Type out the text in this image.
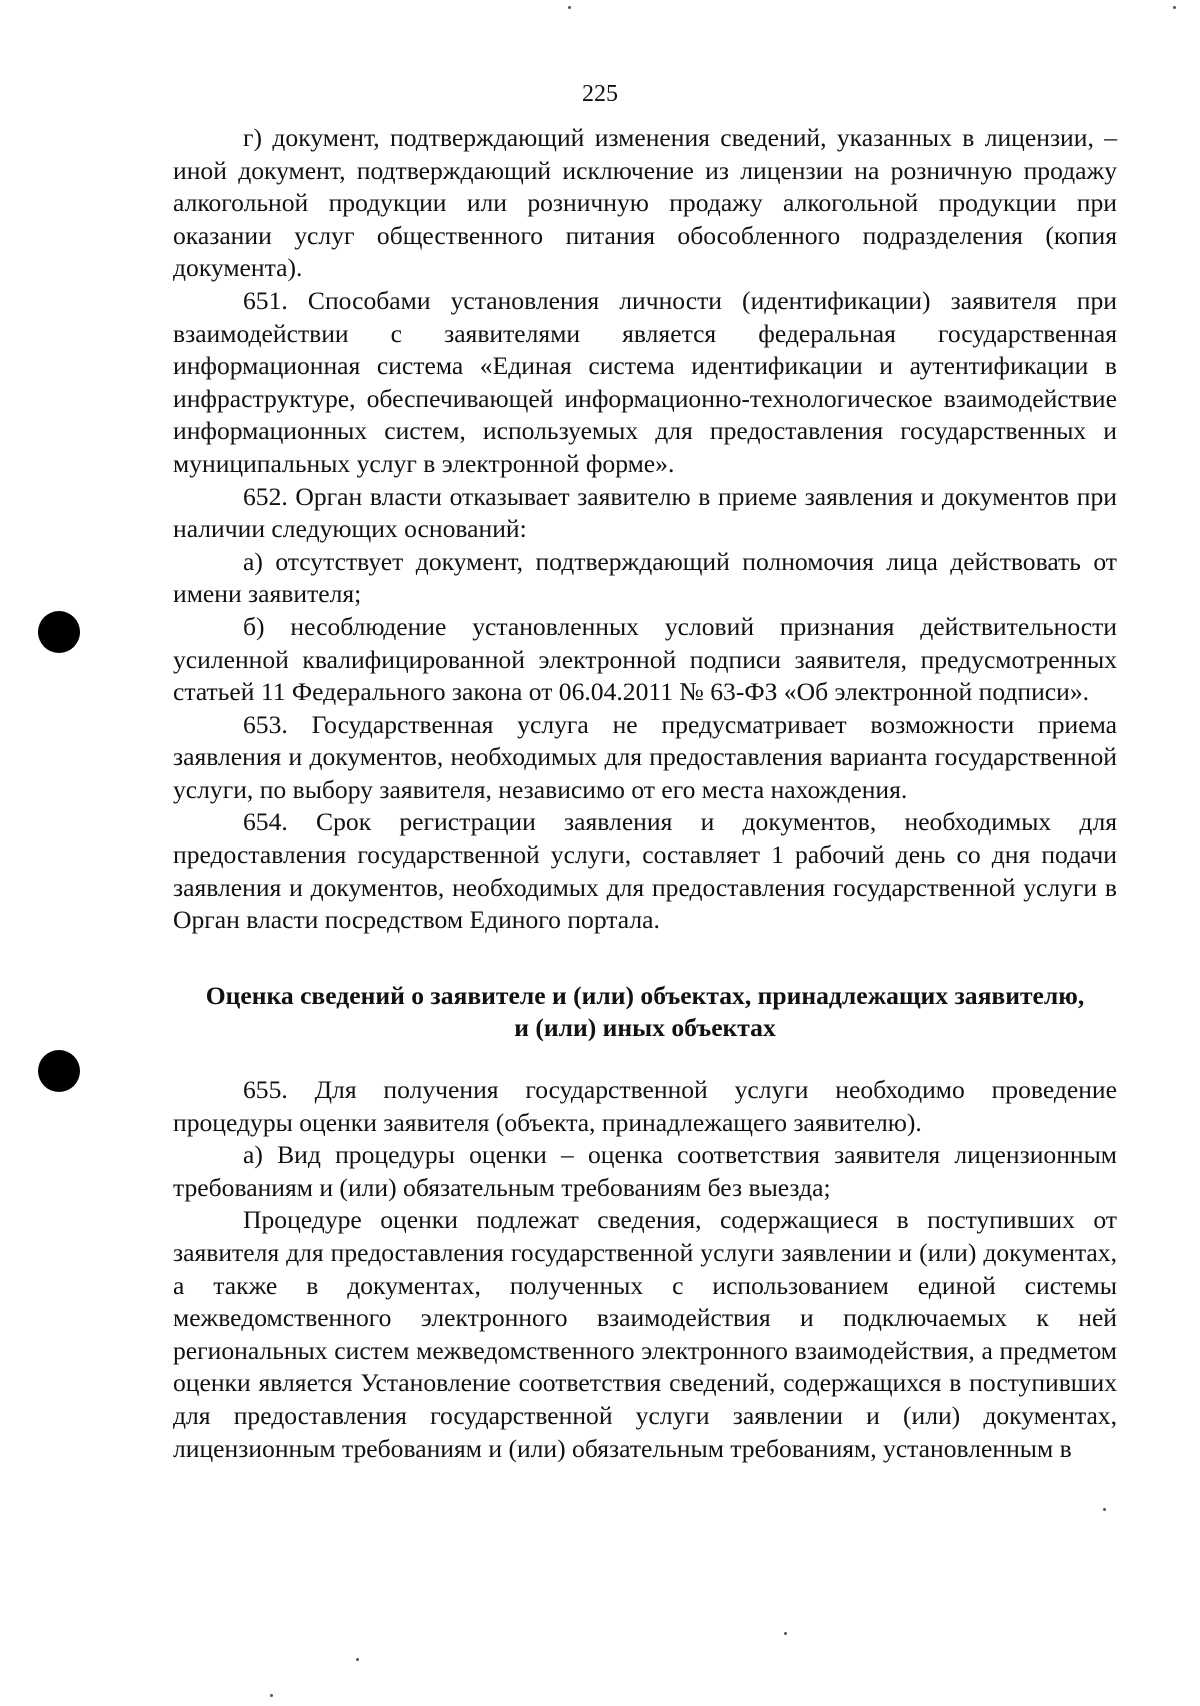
225

г) документ, подтверждающий изменения сведений, указанных в лицензии, – иной документ, подтверждающий исключение из лицензии на розничную продажу алкогольной продукции или розничную продажу алкогольной продукции при оказании услуг общественного питания обособленного подразделения (копия документа).

651. Способами установления личности (идентификации) заявителя при взаимодействии с заявителями является федеральная государственная информационная система «Единая система идентификации и аутентификации в инфраструктуре, обеспечивающей информационно-технологическое взаимодействие информационных систем, используемых для предоставления государственных и муниципальных услуг в электронной форме».

652. Орган власти отказывает заявителю в приеме заявления и документов при наличии следующих оснований:

а) отсутствует документ, подтверждающий полномочия лица действовать от имени заявителя;

б) несоблюдение установленных условий признания действительности усиленной квалифицированной электронной подписи заявителя, предусмотренных статьей 11 Федерального закона от 06.04.2011 № 63-ФЗ «Об электронной подписи».

653. Государственная услуга не предусматривает возможности приема заявления и документов, необходимых для предоставления варианта государственной услуги, по выбору заявителя, независимо от его места нахождения.

654. Срок регистрации заявления и документов, необходимых для предоставления государственной услуги, составляет 1 рабочий день со дня подачи заявления и документов, необходимых для предоставления государственной услуги в Орган власти посредством Единого портала.

Оценка сведений о заявителе и (или) объектах, принадлежащих заявителю, и (или) иных объектах

655. Для получения государственной услуги необходимо проведение процедуры оценки заявителя (объекта, принадлежащего заявителю).

а) Вид процедуры оценки – оценка соответствия заявителя лицензионным требованиям и (или) обязательным требованиям без выезда;

Процедуре оценки подлежат сведения, содержащиеся в поступивших от заявителя для предоставления государственной услуги заявлении и (или) документах, а также в документах, полученных с использованием единой системы межведомственного электронного взаимодействия и подключаемых к ней региональных систем межведомственного электронного взаимодействия, а предметом оценки является Установление соответствия сведений, содержащихся в поступивших для предоставления государственной услуги заявлении и (или) документах, лицензионным требованиям и (или) обязательным требованиям, установленным в
